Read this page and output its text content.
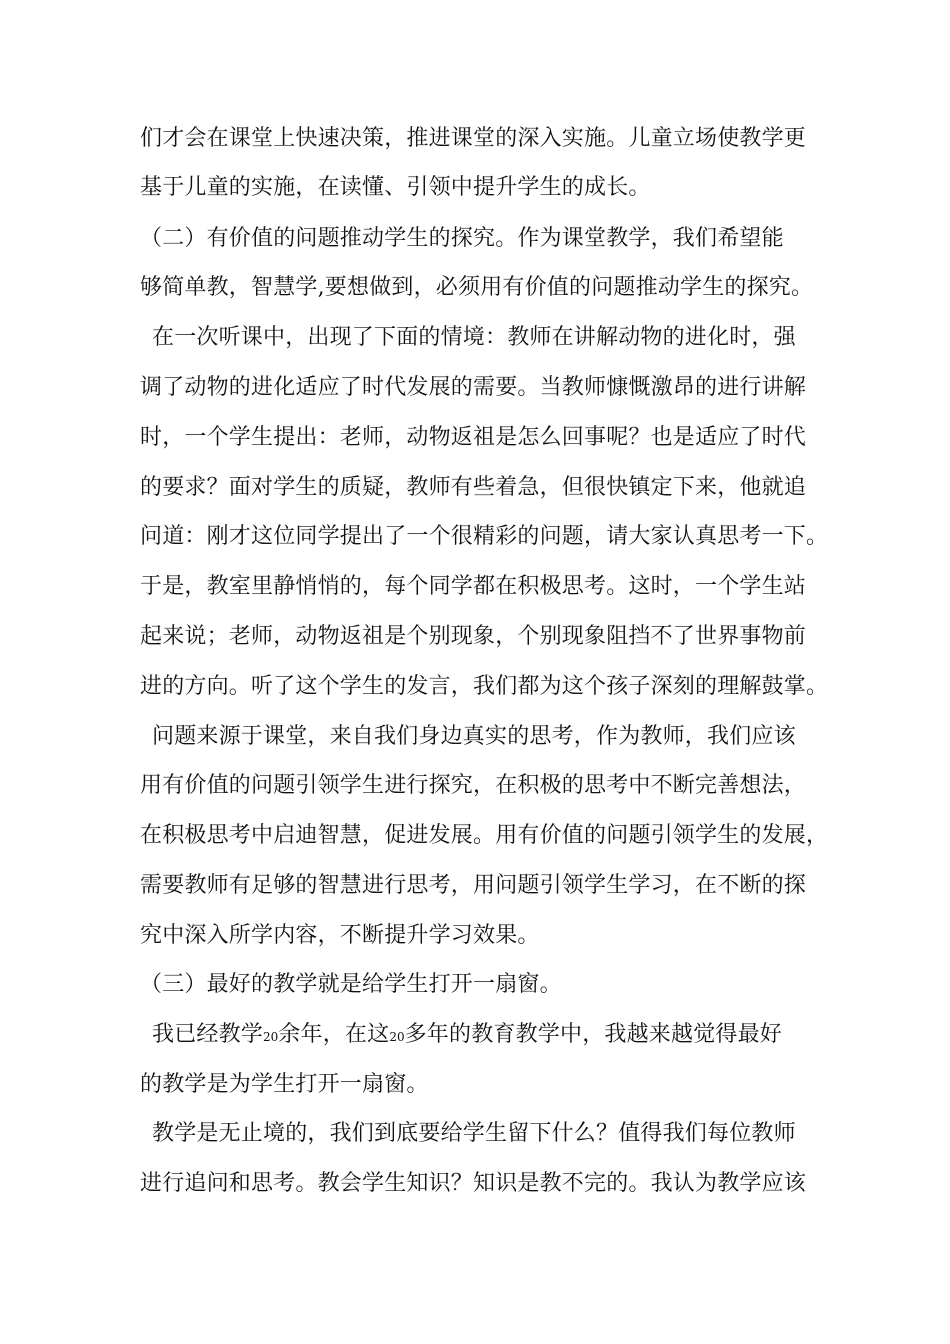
们才会在课堂上快速决策，推进课堂的深入实施。儿童立场使教学更
基于儿童的实施，在读懂、引领中提升学生的成长。
（二）有价值的问题推动学生的探究。作为课堂教学，我们希望能
够简单教，智慧学,要想做到，必须用有价值的问题推动学生的探究。
在一次听课中，出现了下面的情境：教师在讲解动物的进化时，强
调了动物的进化适应了时代发展的需要。当教师慷慨激昂的进行讲解
时，一个学生提出：老师，动物返祖是怎么回事呢？也是适应了时代
的要求？面对学生的质疑，教师有些着急，但很快镇定下来，他就追
问道：刚才这位同学提出了一个很精彩的问题，请大家认真思考一下。
于是，教室里静悄悄的，每个同学都在积极思考。这时，一个学生站
起来说；老师，动物返祖是个别现象，个别现象阻挡不了世界事物前
进的方向。听了这个学生的发言，我们都为这个孩子深刻的理解鼓掌。
问题来源于课堂，来自我们身边真实的思考，作为教师，我们应该
用有价值的问题引领学生进行探究，在积极的思考中不断完善想法，
在积极思考中启迪智慧，促进发展。用有价值的问题引领学生的发展，
需要教师有足够的智慧进行思考，用问题引领学生学习，在不断的探
究中深入所学内容，不断提升学习效果。
（三）最好的教学就是给学生打开一扇窗。
我已经教学20余年，在这20多年的教育教学中，我越来越觉得最好
的教学是为学生打开一扇窗。
教学是无止境的，我们到底要给学生留下什么？值得我们每位教师
进行追问和思考。教会学生知识？知识是教不完的。我认为教学应该
